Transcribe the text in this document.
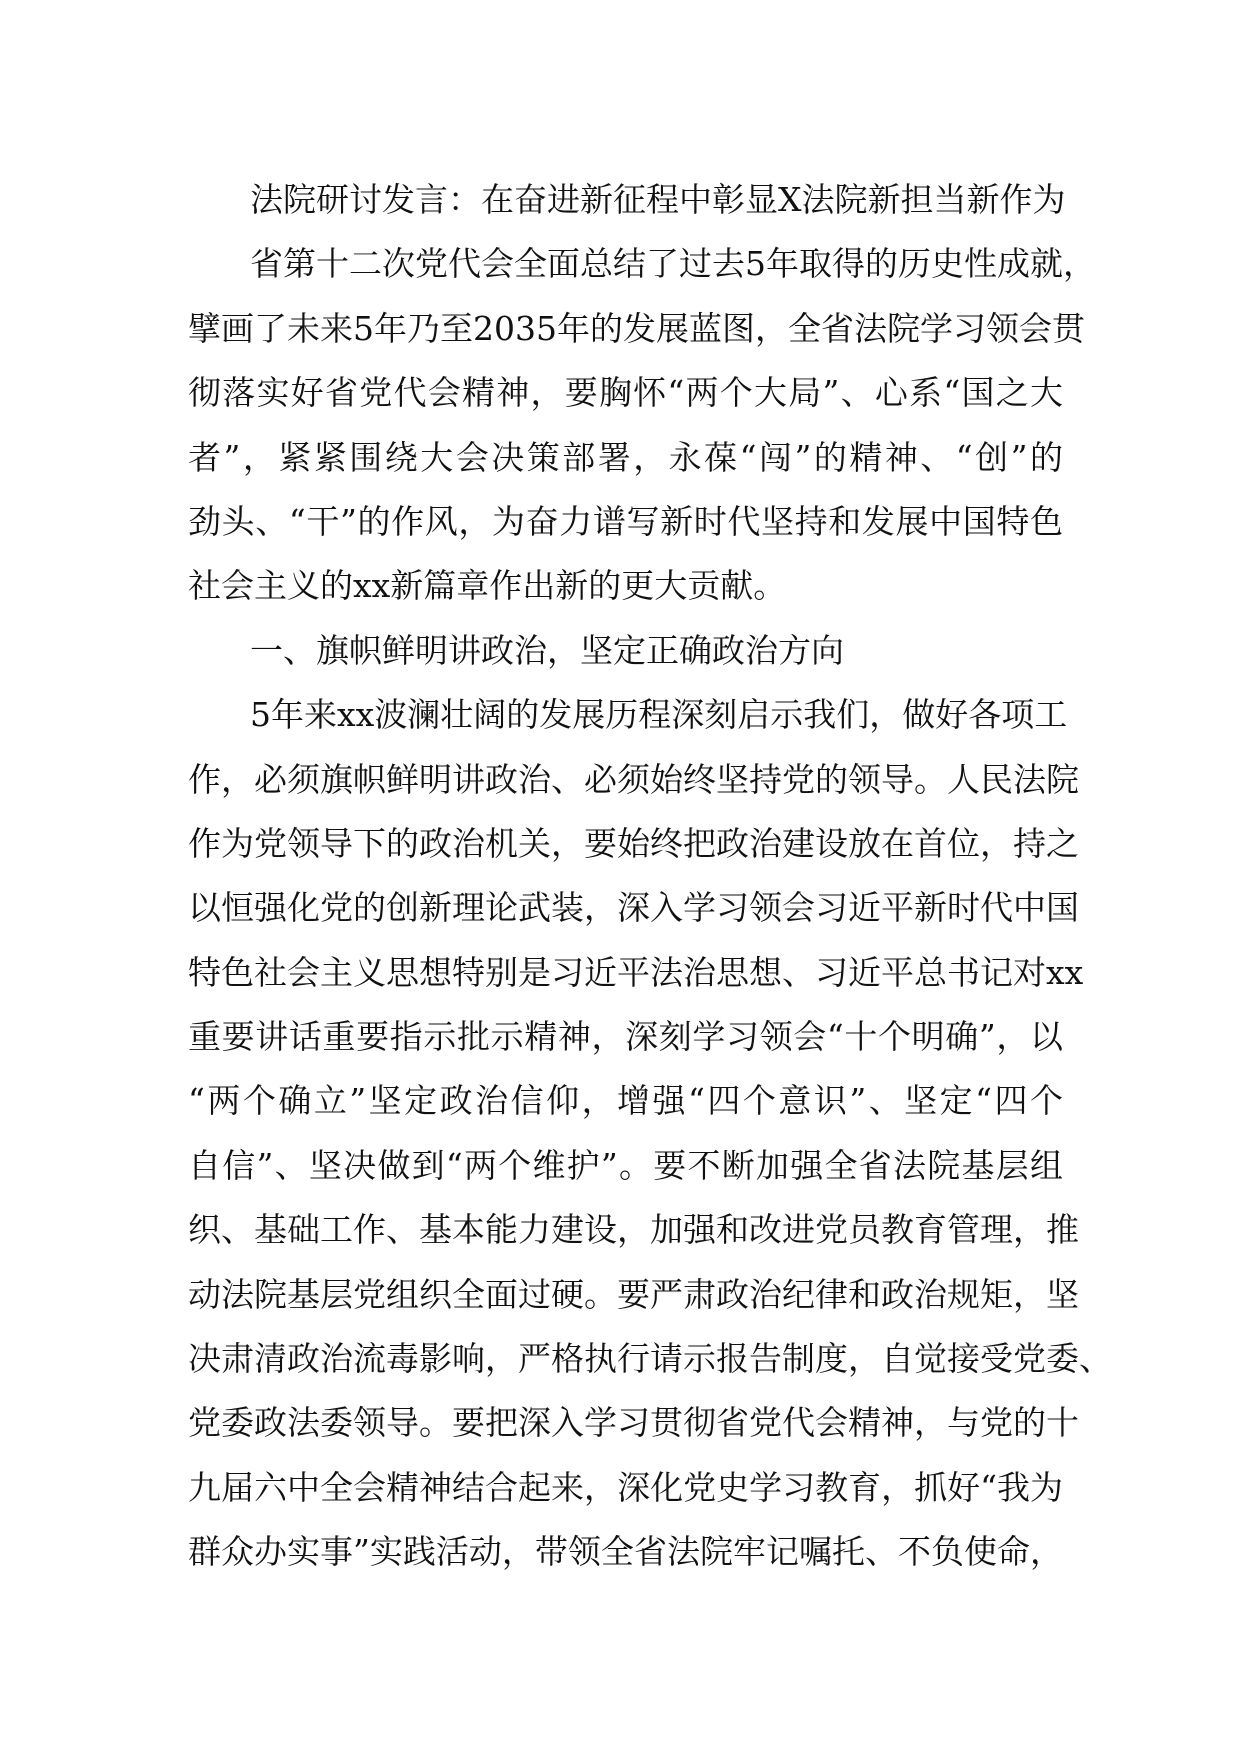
法院研讨发言：在奋进新征程中彰显X法院新担当新作为
省第十二次党代会全面总结了过去5年取得的历史性成就，
擘画了未来5年乃至2035年的发展蓝图，全省法院学习领会贯
彻落实好省党代会精神，要胸怀“两个大局”、心系“国之大
者”，紧紧围绕大会决策部署，永葆“闯”的精神、“创”的
劲头、“干”的作风，为奋力谱写新时代坚持和发展中国特色
社会主义的xx新篇章作出新的更大贡献。
一、旗帜鲜明讲政治，坚定正确政治方向
5年来xx波澜壮阔的发展历程深刻启示我们，做好各项工
作，必须旗帜鲜明讲政治、必须始终坚持党的领导。人民法院
作为党领导下的政治机关，要始终把政治建设放在首位，持之
以恒强化党的创新理论武装，深入学习领会习近平新时代中国
特色社会主义思想特别是习近平法治思想、习近平总书记对xx
重要讲话重要指示批示精神，深刻学习领会“十个明确”，以
“两个确立”坚定政治信仰，增强“四个意识”、坚定“四个
自信”、坚决做到“两个维护”。要不断加强全省法院基层组
织、基础工作、基本能力建设，加强和改进党员教育管理，推
动法院基层党组织全面过硬。要严肃政治纪律和政治规矩，坚
决肃清政治流毒影响，严格执行请示报告制度，自觉接受党委、
党委政法委领导。要把深入学习贯彻省党代会精神，与党的十
九届六中全会精神结合起来，深化党史学习教育，抓好“我为
群众办实事”实践活动，带领全省法院牢记嘱托、不负使命，
